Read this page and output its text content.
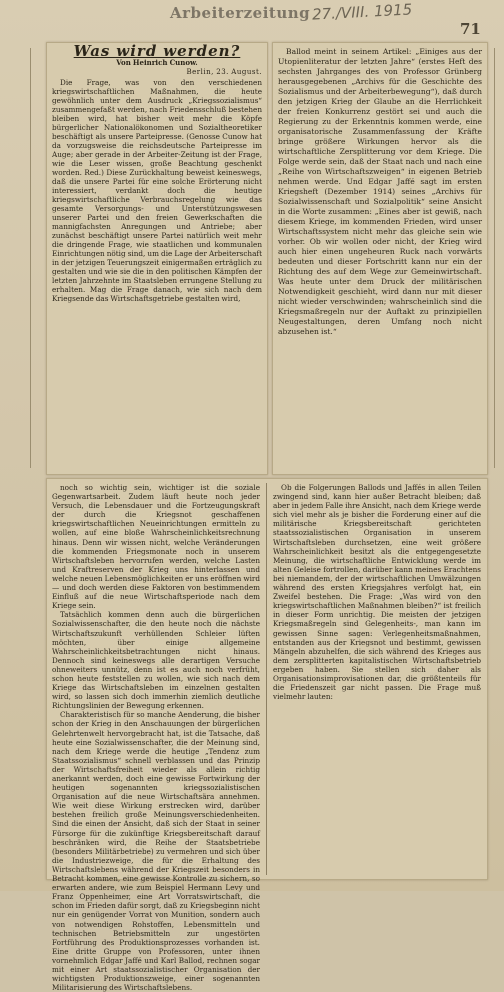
Arbeiterzeitung 27./VIII. 1915
71
Was wird werden?
Von Heinrich Cunow.
Berlin, 23. August.

Die Frage, was von den verschiedenen kriegswirtschaftlichen Maßnahmen, die heute gewöhnlich unter dem Ausdruck „Kriegssozialismus“ zusammengefaßt werden, nach Friedensschluß bestehen bleiben wird, hat bisher weit mehr die Köpfe bürgerlicher Nationalökonomen und Sozialtheoretiker beschäftigt als unsere Parteipresse. (Genosse Cunow hat da vorzugsweise die reichsdeutsche Parteipresse im Auge; aber gerade in der Arbeiter-Zeitung ist der Frage, wie die Leser wissen, große Beachtung geschenkt worden. Red.) Diese Zurückhaltung beweist keineswegs, daß die unsere Partei für eine solche Erörterung nicht interessiert, verdankt doch die heutige kriegswirtschaftliche Verbrauchsregelung wie das gesamte Versorgungs- und Unterstützungswesen unserer Partei und den freien Gewerkschaften die mannigfachsten Anregungen und Antriebe; aber zunächst beschäftigt unsere Partei natürlich weit mehr die dringende Frage, wie staatlichen und kommunalen Einrichtungen nötig sind, um die Lage der Arbeiterschaft in der jetzigen Teuerungszeit einigermaßen erträglich zu gestalten und wie sie die in den politischen Kämpfen der letzten Jahrzehnte im Staatsleben errungene Stellung zu erhalten. Mag die Frage danach, wie sich nach dem Kriegsende das Wirtschaftsgetriebe gestalten wird,

Ballod meint in seinem Artikel: „Einiges aus der Utopienliteratur der letzten Jahre“ (erstes Heft des sechsten Jahrganges des von Professor Grünberg herausgegebenen „Archivs für die Geschichte des Sozialismus und der Arbeiterbewegung“), daß durch den jetzigen Krieg der Glaube an die Herrlichkeit der freien Konkurrenz gestört sei und auch die Regierung zu der Erkenntnis kommen werde, eine organisatorische Zusammenfassung der Kräfte bringe größere Wirkungen hervor als die wirtschaftliche Zersplitterung vor dem Kriege. Die Folge werde sein, daß der Staat nach und nach eine „Reihe von Wirtschaftszweigen“ in eigenen Betrieb nehmen werde. Und Edgar Jaffé sagt im ersten Kriegsheft (Dezember 1914) seines „Archivs für Sozialwissenschaft und Sozialpolitik“ seine Ansicht in die Worte zusammen: „Eines aber ist gewiß, nach diesem Kriege, im kommenden Frieden, wird unser Wirtschaftssystem nicht mehr das gleiche sein wie vorher. Ob wir wollen oder nicht, der Krieg wird auch hier einen ungeheuren Ruck nach vorwärts bedeuten und dieser Fortschritt kann nur ein der Richtung des auf dem Wege zur Gemeinwirtschaft. Was heute unter dem Druck der militärischen Notwendigkeit geschieht, wird dann nur mit dieser nicht wieder verschwinden; wahrscheinlich sind die Kriegsmaßregeln nur der Auftakt zu prinzipiellen Neugestaltungen, deren Umfang noch nicht abzusehen ist.“

noch so wichtig sein, wichtiger ist die soziale Gegenwartsarbeit. Zudem läuft heute noch jeder Versuch, die Lebensdauer und die Fortzeugungskraft der durch die Kriegsnot geschaffenen kriegswirtschaftlichen Neueinrichtungen ermitteln zu wollen, auf eine bloße Wahrscheinlichkeitsrechnung hinaus. Denn wir wissen nicht, welche Veränderungen die kommenden Friegsmonate noch in unserem Wirtschaftsleben hervorrufen werden, welche Lasten und Kraftreserven der Krieg uns hinterlassen und welche neuen Lebensmöglichkeiten er uns eröffnen wird — und doch werden diese Faktoren von bestimmendem Einfluß auf die neue Wirtschaftsperiode nach dem Kriege sein.

Tatsächlich kommen denn auch die bürgerlichen Sozialwissenschafter, die den heute noch die nächste Wirtschaftszukunft verhüllenden Schleier lüften möchten, über einige allgemeine Wahrscheinlichkeitsbetrachtungen nicht hinaus. Dennoch sind keineswegs alle derartigen Versuche ohneweiters unnütz, denn ist es auch noch verfrüht, schon heute feststellen zu wollen, wie sich nach dem Kriege das Wirtschaftsleben im einzelnen gestalten wird, so lassen sich doch immerhin ziemlich deutliche Richtungslinien der Bewegung erkennen.

Charakteristisch für so manche Aenderung, die bisher schon der Krieg in den Anschauungen der bürgerlichen Gelehrtenwelt hervorgebracht hat, ist die Tatsache, daß heute eine Sozialwissenschafter, die der Meinung sind, nach dem Kriege werde die heutige „Tendenz zum Staatssozialismus“ schnell verblassen und das Prinzip der Wirtschaftsfreiheit wieder als allein richtig anerkannt werden, doch eine gewisse Fortwirkung der heutigen sogenannten kriegssozialistischen Organisation auf die neue Wirtschaftsära annehmen. Wie weit diese Wirkung erstrecken wird, darüber bestehen freilich große Meinungsverschiedenheiten. Sind die einen der Ansicht, daß sich der Staat in seiner Fürsorge für die zukünftige Kriegsbereitschaft darauf beschränken wird, die Reihe der Staatsbetriebe (besonders Militärbetriebe) zu vermehren und sich über die Industriezweige, die für die Erhaltung des Wirtschaftslebens während der Kriegszeit besonders in Betracht kommen, eine gewisse Kontrolle zu sichern, so erwarten andere, wie zum Beispiel Hermann Levy und Franz Oppenheimer, eine Art Vorratswirtschaft, die schon im Frieden dafür sorgt, daß zu Kriegsbeginn nicht nur ein genügender Vorrat von Munition, sondern auch von notwendigen Rohstoffen, Lebensmitteln und technischen Betriebsmitteln zur ungestörten Fortführung des Produktionsprozesses vorhanden ist. Eine dritte Gruppe von Professoren, unter ihnen vornehmlich Edgar Jaffé und Karl Ballod, rechnen sogar mit einer Art staatssozialistischer Organisation der wichtigsten Produktionszweige, einer sogenannten Militarisierung des Wirtschaftslebens.

Ob die Folgerungen Ballods und Jaffés in allen Teilen zwingend sind, kann hier außer Betracht bleiben; daß aber in jedem Falle ihre Ansicht, nach dem Kriege werde sich viel mehr als je bisher die Forderung einer auf die militärische Kriegsbereitschaft gerichteten staatssozialistischen Organisation in unserem Wirtschaftsleben durchsetzen, eine weit größere Wahrscheinlichkeit besitzt als die entgegengesetzte Meinung, die wirtschaftliche Entwicklung werde im alten Geleise fortrollen, darüber kann meines Erachtens bei niemandem, der der wirtschaftlichen Umwälzungen während des ersten Kriegsjahres verfolgt hat, ein Zweifel bestehen. Die Frage: „Was wird von den kriegswirtschaftlichen Maßnahmen bleiben?“ ist freilich in dieser Form unrichtig. Die meisten der jetzigen Kriegsmaßregeln sind Gelegenheits-, man kann im gewissen Sinne sagen: Verlegenheitsmaßnahmen, entstanden aus der Kriegsnot und bestimmt, gewissen Mängeln abzuhelfen, die sich während des Krieges aus dem zersplitterten kapitalistischen Wirtschaftsbetrieb ergeben haben. Sie stellen sich daher als Organisationsimprovisationen dar, die größtenteils für die Friedenszeit gar nicht passen. Die Frage muß vielmehr lauten:
